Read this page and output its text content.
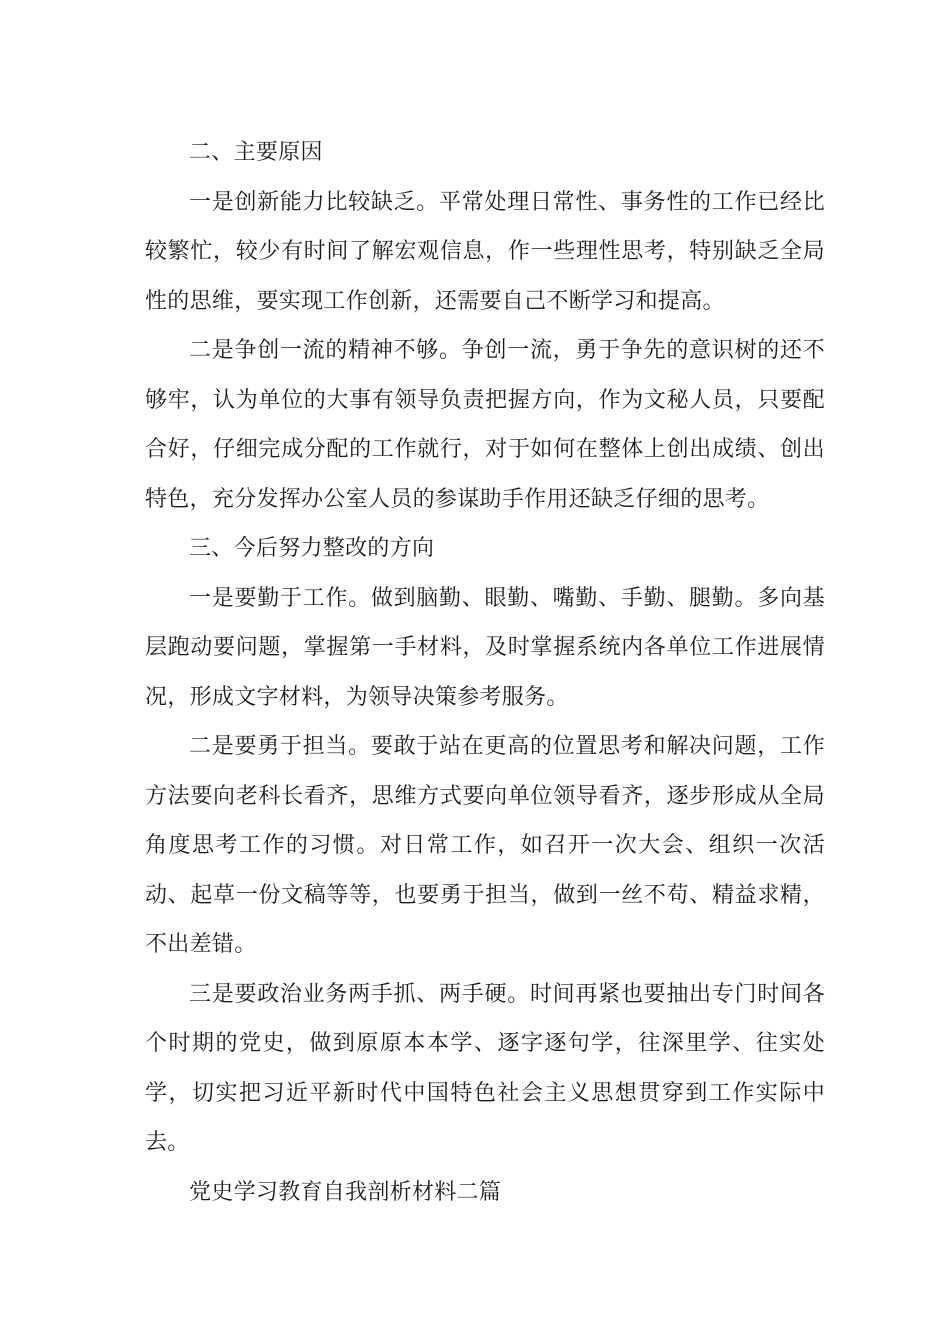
二、主要原因

一是创新能力比较缺乏。平常处理日常性、事务性的工作已经比较繁忙，较少有时间了解宏观信息，作一些理性思考，特别缺乏全局性的思维，要实现工作创新，还需要自己不断学习和提高。

二是争创一流的精神不够。争创一流，勇于争先的意识树的还不够牢，认为单位的大事有领导负责把握方向，作为文秘人员，只要配合好，仔细完成分配的工作就行，对于如何在整体上创出成绩、创出特色，充分发挥办公室人员的参谋助手作用还缺乏仔细的思考。

三、今后努力整改的方向

一是要勤于工作。做到脑勤、眼勤、嘴勤、手勤、腿勤。多向基层跑动要问题，掌握第一手材料，及时掌握系统内各单位工作进展情况，形成文字材料，为领导决策参考服务。

二是要勇于担当。要敢于站在更高的位置思考和解决问题，工作方法要向老科长看齐，思维方式要向单位领导看齐，逐步形成从全局角度思考工作的习惯。对日常工作，如召开一次大会、组织一次活动、起草一份文稿等等，也要勇于担当，做到一丝不苟、精益求精，不出差错。

三是要政治业务两手抓、两手硬。时间再紧也要抽出专门时间各个时期的党史，做到原原本本学、逐字逐句学，往深里学、往实处学，切实把习近平新时代中国特色社会主义思想贯穿到工作实际中去。

党史学习教育自我剖析材料二篇
